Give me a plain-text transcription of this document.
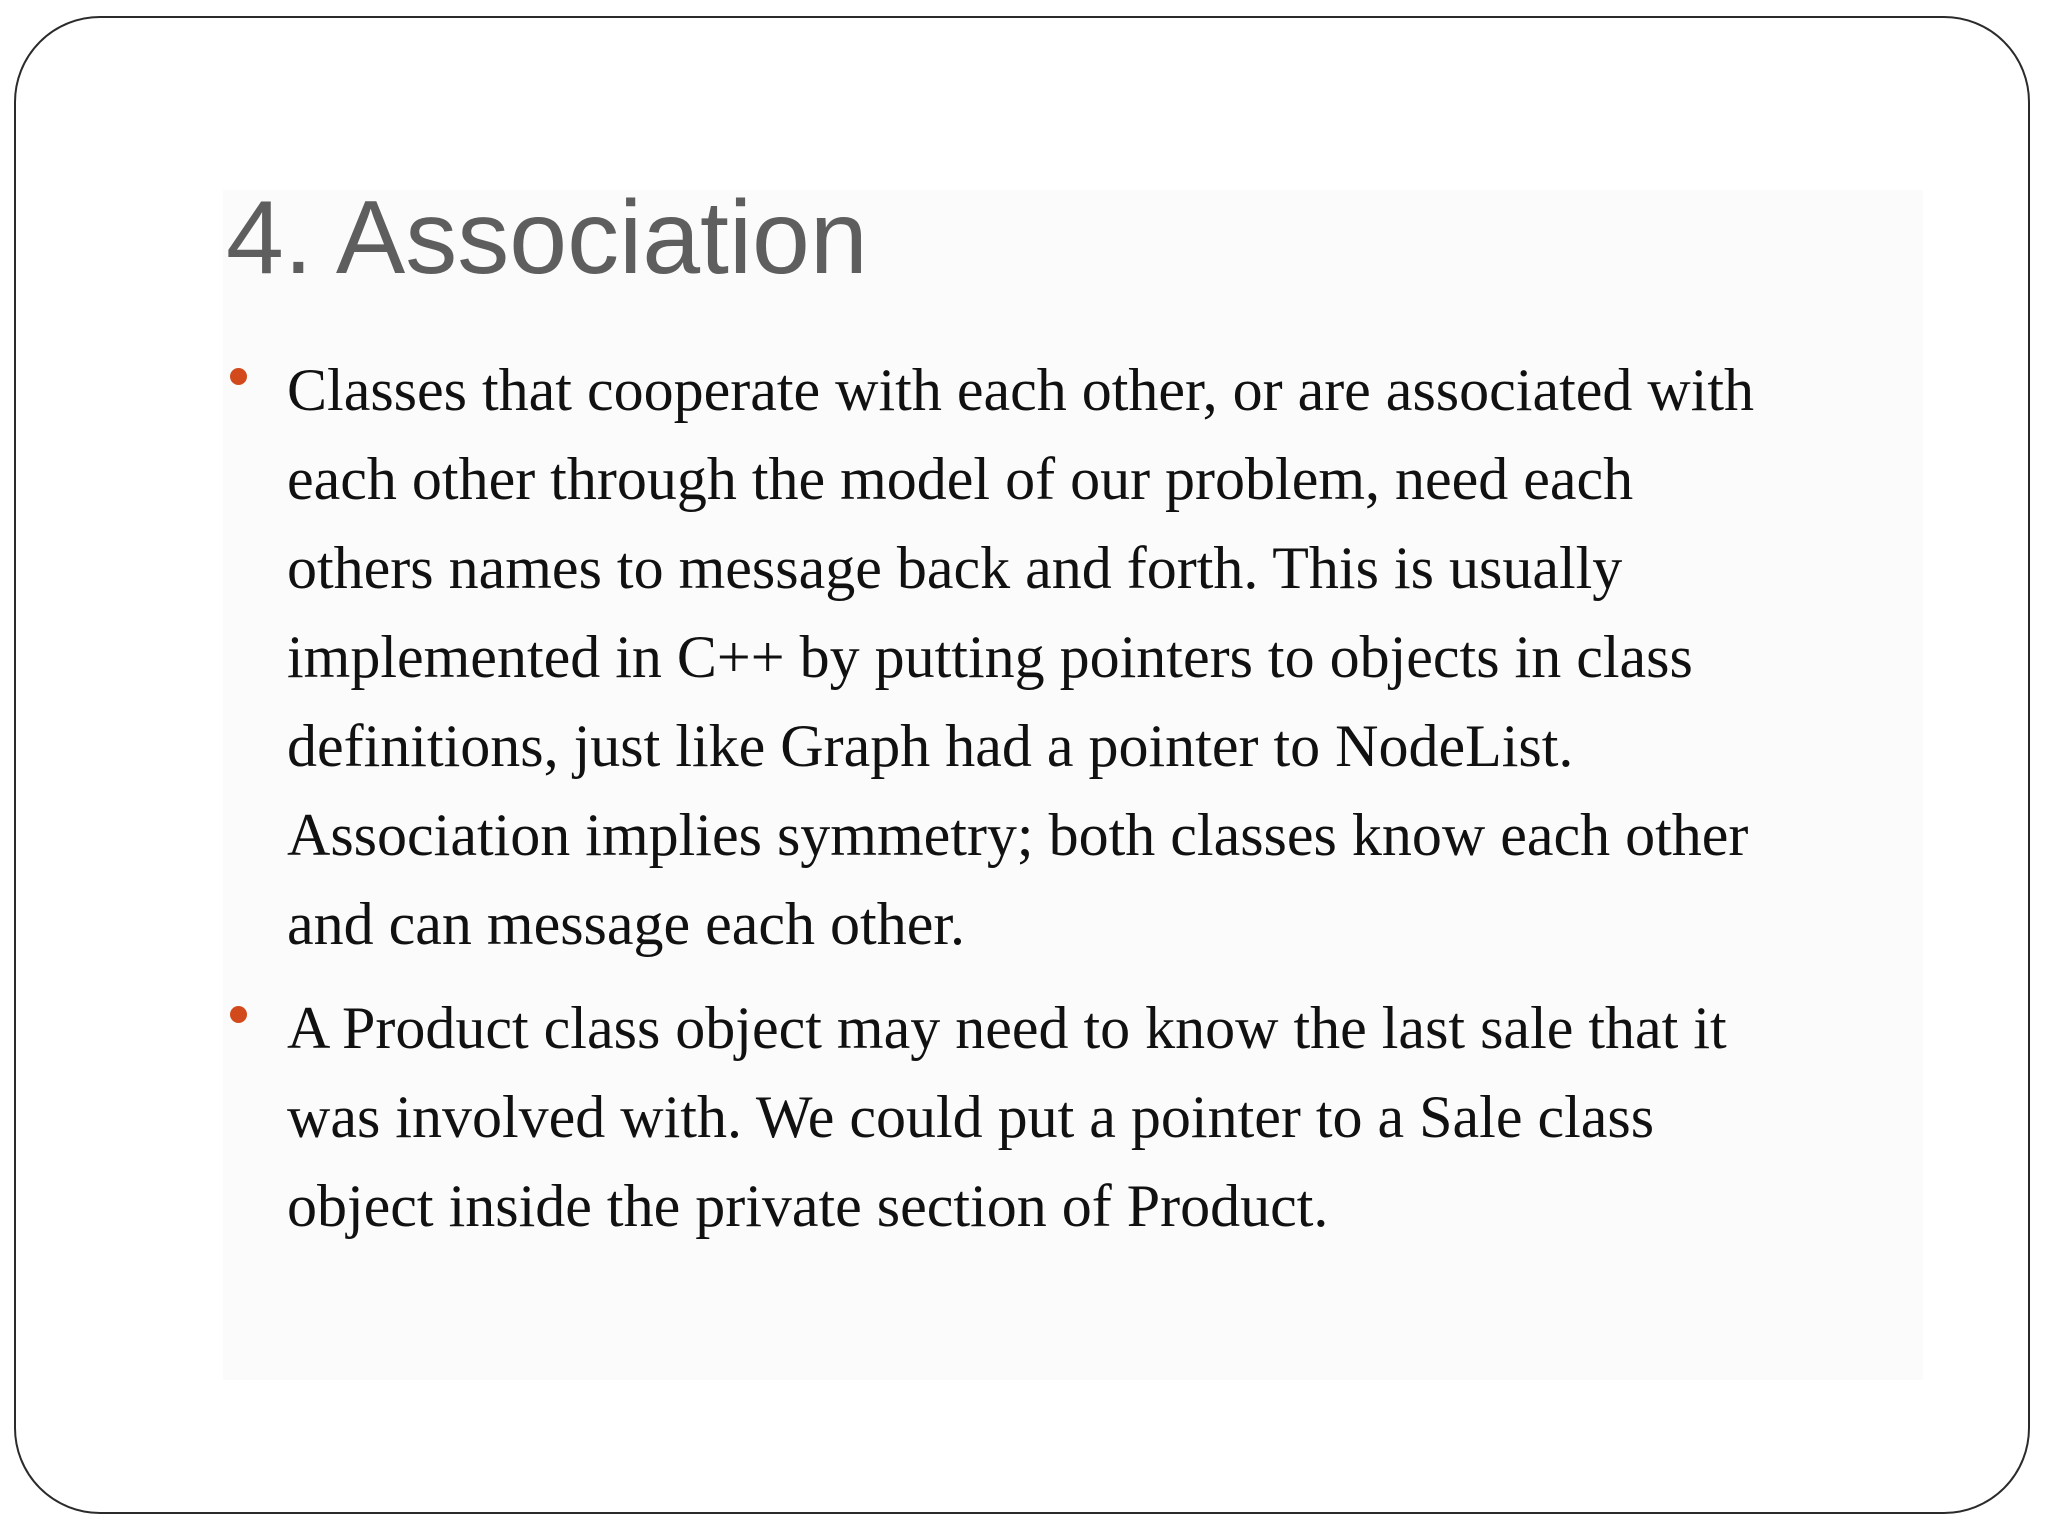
4. Association
Classes that cooperate with each other, or are associated with
each other through the model of our problem, need each
others names to message back and forth. This is usually
implemented in C++ by putting pointers to objects in class
definitions, just like Graph had a pointer to NodeList.
Association implies symmetry; both classes know each other
and can message each other.
A Product class object may need to know the last sale that it
was involved with. We could put a pointer to a Sale class
object inside the private section of Product.
